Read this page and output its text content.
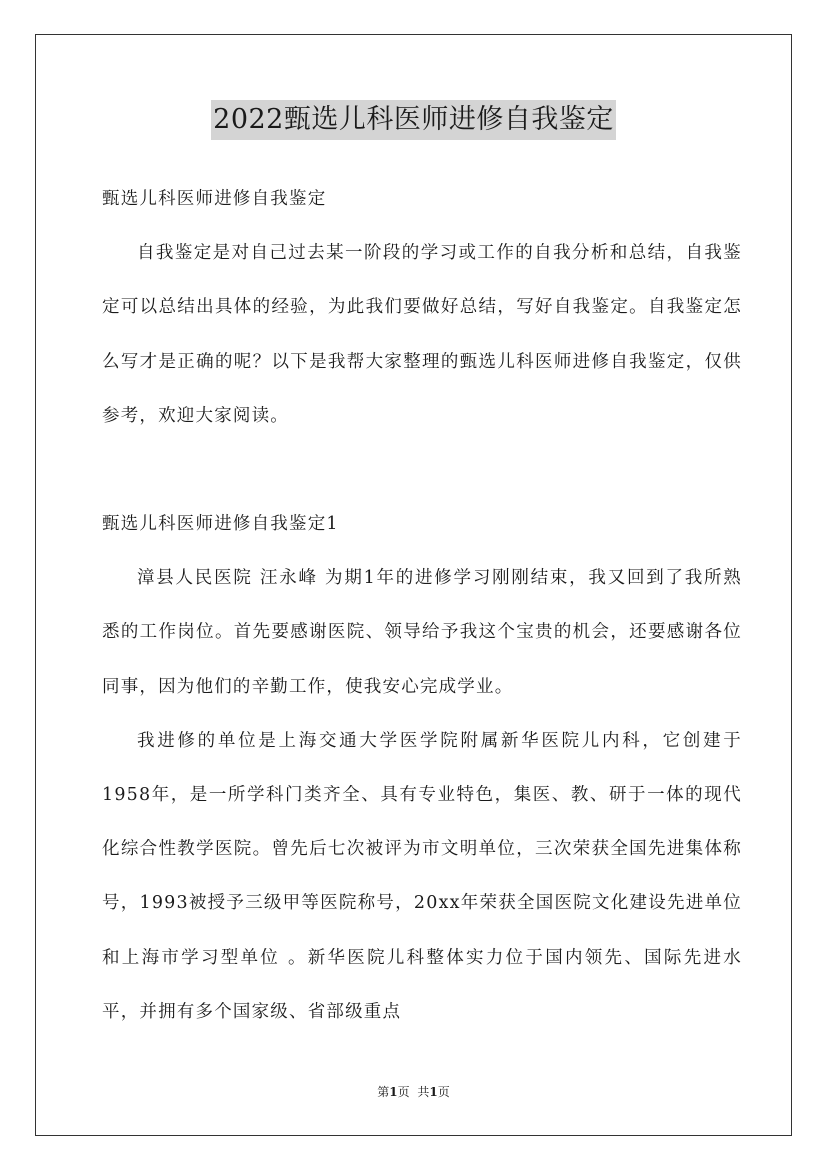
2022甄选儿科医师进修自我鉴定

甄选儿科医师进修自我鉴定

自我鉴定是对自己过去某一阶段的学习或工作的自我分析和总结，自我鉴定可以总结出具体的经验，为此我们要做好总结，写好自我鉴定。自我鉴定怎么写才是正确的呢？以下是我帮大家整理的甄选儿科医师进修自我鉴定，仅供参考，欢迎大家阅读。

甄选儿科医师进修自我鉴定1

漳县人民医院 汪永峰 为期1年的进修学习刚刚结束，我又回到了我所熟悉的工作岗位。首先要感谢医院、领导给予我这个宝贵的机会，还要感谢各位同事，因为他们的辛勤工作，使我安心完成学业。

我进修的单位是上海交通大学医学院附属新华医院儿内科，它创建于1958年，是一所学科门类齐全、具有专业特色，集医、教、研于一体的现代化综合性教学医院。曾先后七次被评为市文明单位，三次荣获全国先进集体称号，1993被授予三级甲等医院称号，20xx年荣获全国医院文化建设先进单位和上海市学习型单位 。新华医院儿科整体实力位于国内领先、国际先进水平，并拥有多个国家级、省部级重点

第1页 共1页
